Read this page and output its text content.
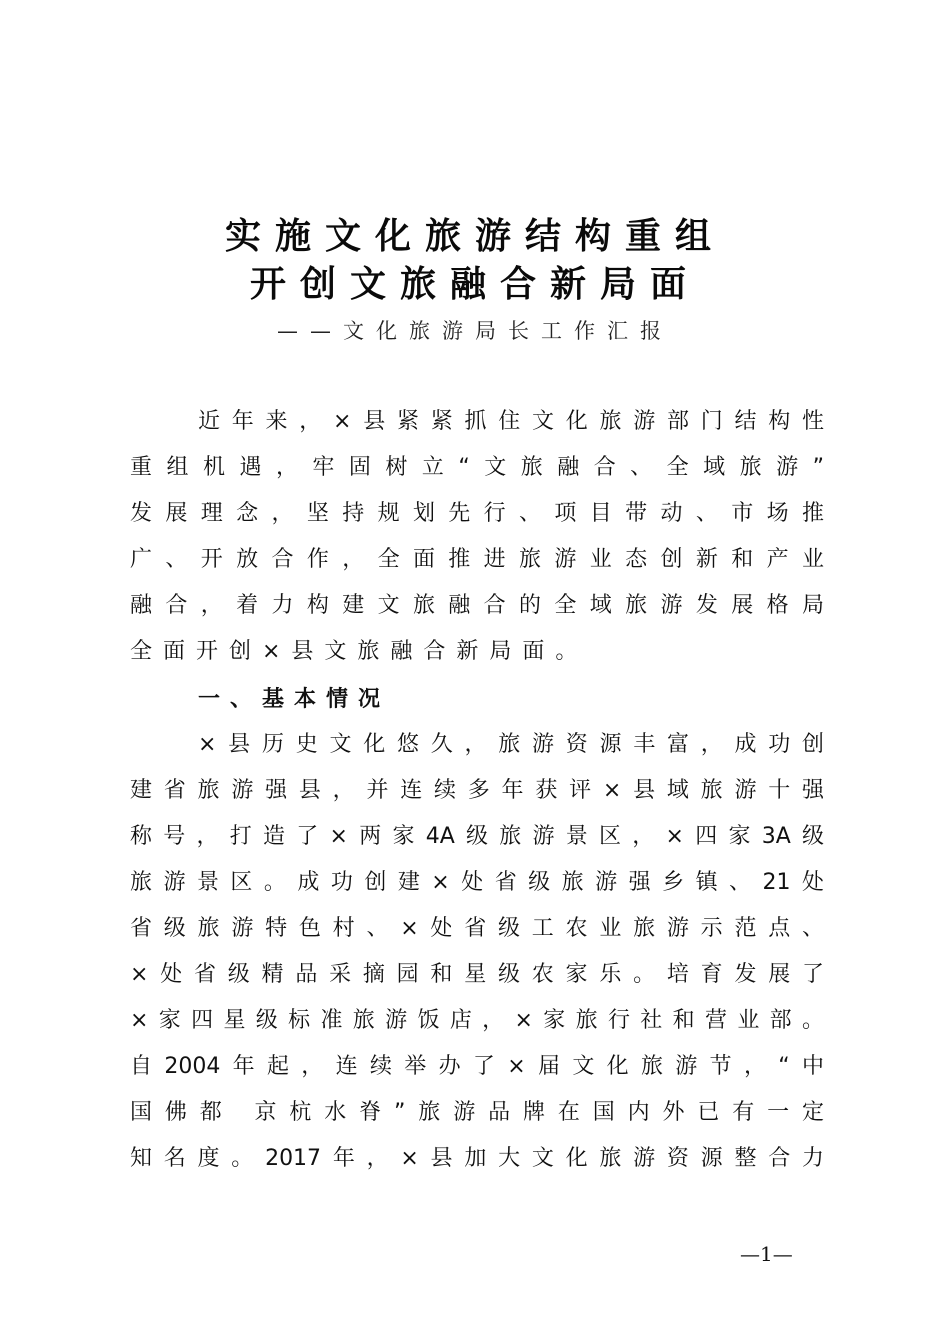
实施文化旅游结构重组
开创文旅融合新局面
——文化旅游局长工作汇报
近年来，×县紧紧抓住文化旅游部门结构性
重组机遇，牢固树立“文旅融合、全域旅游”
发展理念，坚持规划先行、项目带动、市场推
广、开放合作，全面推进旅游业态创新和产业
融合，着力构建文旅融合的全域旅游发展格局
全面开创×县文旅融合新局面。
一、基本情况
×县历史文化悠久，旅游资源丰富，成功创
建省旅游强县，并连续多年获评×县域旅游十强
称号，打造了×两家4A级旅游景区，×四家3A级
旅游景区。成功创建×处省级旅游强乡镇、21处
省级旅游特色村、×处省级工农业旅游示范点、
×处省级精品采摘园和星级农家乐。培育发展了
×家四星级标准旅游饭店，×家旅行社和营业部。
自2004年起，连续举办了×届文化旅游节，“中
国佛都 京杭水脊”旅游品牌在国内外已有一定
知名度。2017年，×县加大文化旅游资源整合力
—1—
